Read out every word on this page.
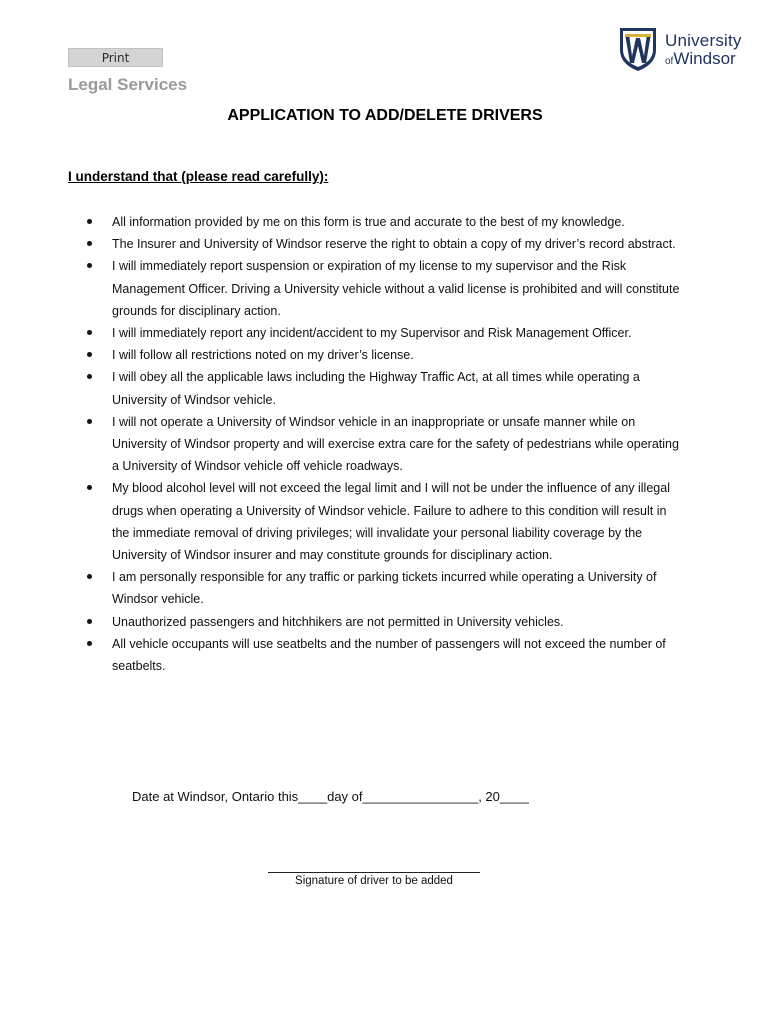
Print
Legal Services
University
ofWindsor
APPLICATION TO ADD/DELETE DRIVERS
I understand that (please read carefully):
All information provided by me on this form is true and accurate to the best of my knowledge.
The Insurer and University of Windsor reserve the right to obtain a copy of my driver’s record abstract.
I will immediately report suspension or expiration of my license to my supervisor and the Risk Management Officer. Driving a University vehicle without a valid license is prohibited and will constitute grounds for disciplinary action.
I will immediately report any incident/accident to my Supervisor and Risk Management Officer.
I will follow all restrictions noted on my driver’s license.
I will obey all the applicable laws including the Highway Traffic Act, at all times while operating a University of Windsor vehicle.
I will not operate a University of Windsor vehicle in an inappropriate or unsafe manner while on University of Windsor property and will exercise extra care for the safety of pedestrians while operating a University of Windsor vehicle off vehicle roadways.
My blood alcohol level will not exceed the legal limit and I will not be under the influence of any illegal drugs when operating a University of Windsor vehicle. Failure to adhere to this condition will result in the immediate removal of driving privileges; will invalidate your personal liability coverage by the University of Windsor insurer and may constitute grounds for disciplinary action.
I am personally responsible for any traffic or parking tickets incurred while operating a University of Windsor vehicle.
Unauthorized passengers and hitchhikers are not permitted in University vehicles.
All vehicle occupants will use seatbelts and the number of passengers will not exceed the number of seatbelts.
Date at Windsor, Ontario this____day of________________, 20____
Signature of driver to be added
